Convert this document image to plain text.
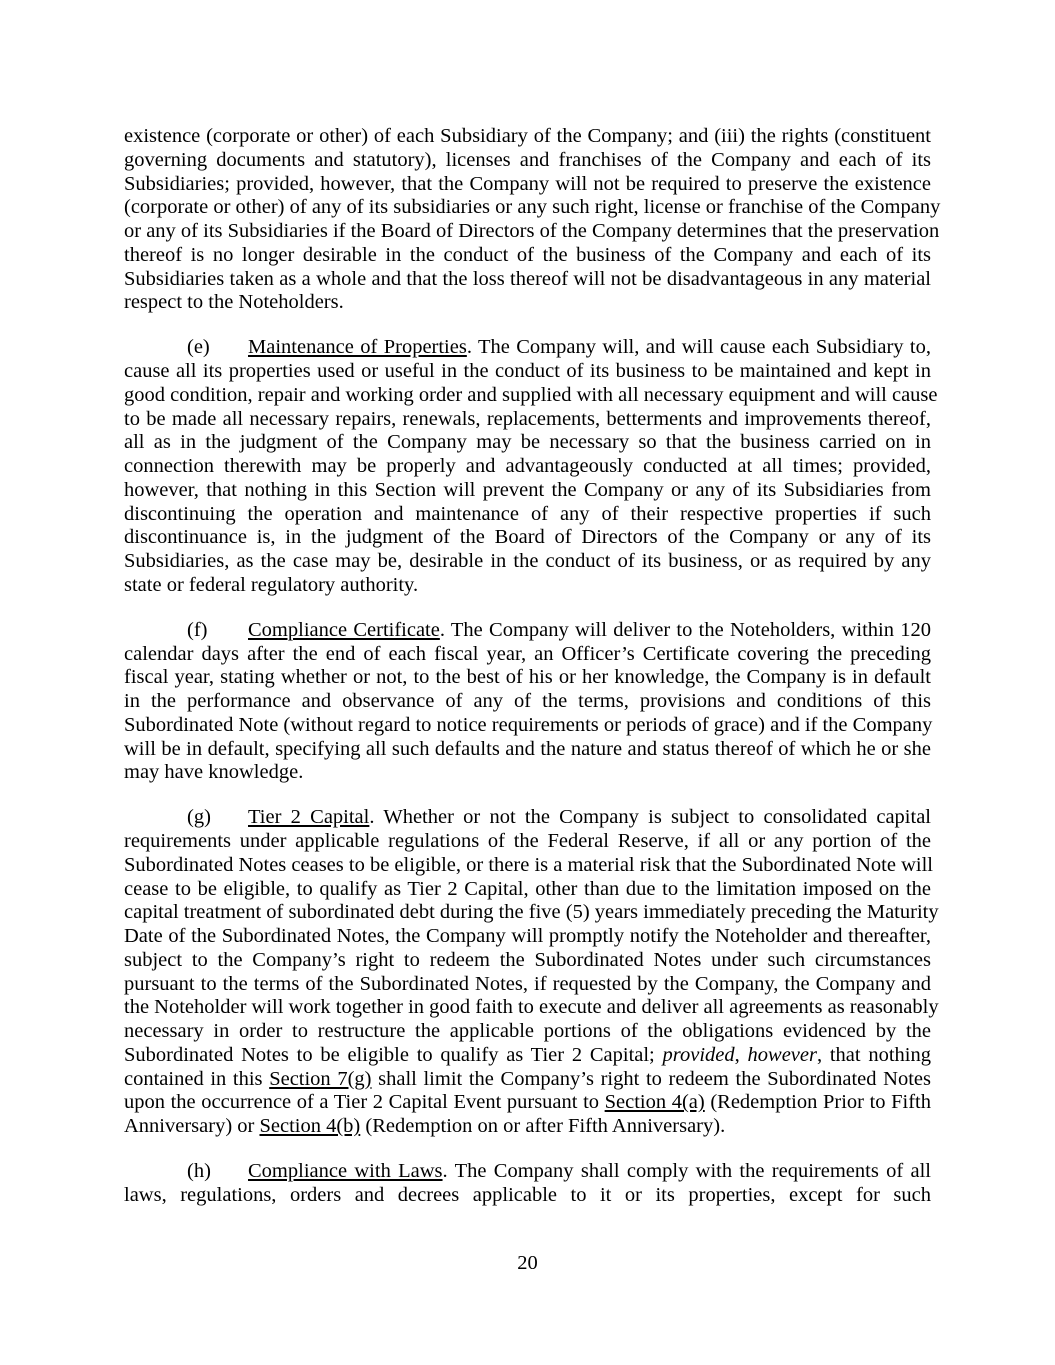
existence (corporate or other) of each Subsidiary of the Company; and (iii) the rights (constituent
governing documents and statutory), licenses and franchises of the Company and each of its
Subsidiaries; provided, however, that the Company will not be required to preserve the existence
(corporate or other) of any of its subsidiaries or any such right, license or franchise of the Company
or any of its Subsidiaries if the Board of Directors of the Company determines that the preservation
thereof is no longer desirable in the conduct of the business of the Company and each of its
Subsidiaries taken as a whole and that the loss thereof will not be disadvantageous in any material
respect to the Noteholders.
(e) Maintenance of Properties. The Company will, and will cause each Subsidiary to,
cause all its properties used or useful in the conduct of its business to be maintained and kept in
good condition, repair and working order and supplied with all necessary equipment and will cause
to be made all necessary repairs, renewals, replacements, betterments and improvements thereof,
all as in the judgment of the Company may be necessary so that the business carried on in
connection therewith may be properly and advantageously conducted at all times; provided,
however, that nothing in this Section will prevent the Company or any of its Subsidiaries from
discontinuing the operation and maintenance of any of their respective properties if such
discontinuance is, in the judgment of the Board of Directors of the Company or any of its
Subsidiaries, as the case may be, desirable in the conduct of its business, or as required by any
state or federal regulatory authority.
(f) Compliance Certificate. The Company will deliver to the Noteholders, within 120
calendar days after the end of each fiscal year, an Officer’s Certificate covering the preceding
fiscal year, stating whether or not, to the best of his or her knowledge, the Company is in default
in the performance and observance of any of the terms, provisions and conditions of this
Subordinated Note (without regard to notice requirements or periods of grace) and if the Company
will be in default, specifying all such defaults and the nature and status thereof of which he or she
may have knowledge.
(g) Tier 2 Capital. Whether or not the Company is subject to consolidated capital
requirements under applicable regulations of the Federal Reserve, if all or any portion of the
Subordinated Notes ceases to be eligible, or there is a material risk that the Subordinated Note will
cease to be eligible, to qualify as Tier 2 Capital, other than due to the limitation imposed on the
capital treatment of subordinated debt during the five (5) years immediately preceding the Maturity
Date of the Subordinated Notes, the Company will promptly notify the Noteholder and thereafter,
subject to the Company’s right to redeem the Subordinated Notes under such circumstances
pursuant to the terms of the Subordinated Notes, if requested by the Company, the Company and
the Noteholder will work together in good faith to execute and deliver all agreements as reasonably
necessary in order to restructure the applicable portions of the obligations evidenced by the
Subordinated Notes to be eligible to qualify as Tier 2 Capital; provided, however, that nothing
contained in this Section 7(g) shall limit the Company’s right to redeem the Subordinated Notes
upon the occurrence of a Tier 2 Capital Event pursuant to Section 4(a) (Redemption Prior to Fifth
Anniversary) or Section 4(b) (Redemption on or after Fifth Anniversary).
(h) Compliance with Laws. The Company shall comply with the requirements of all
laws, regulations, orders and decrees applicable to it or its properties, except for such
20
